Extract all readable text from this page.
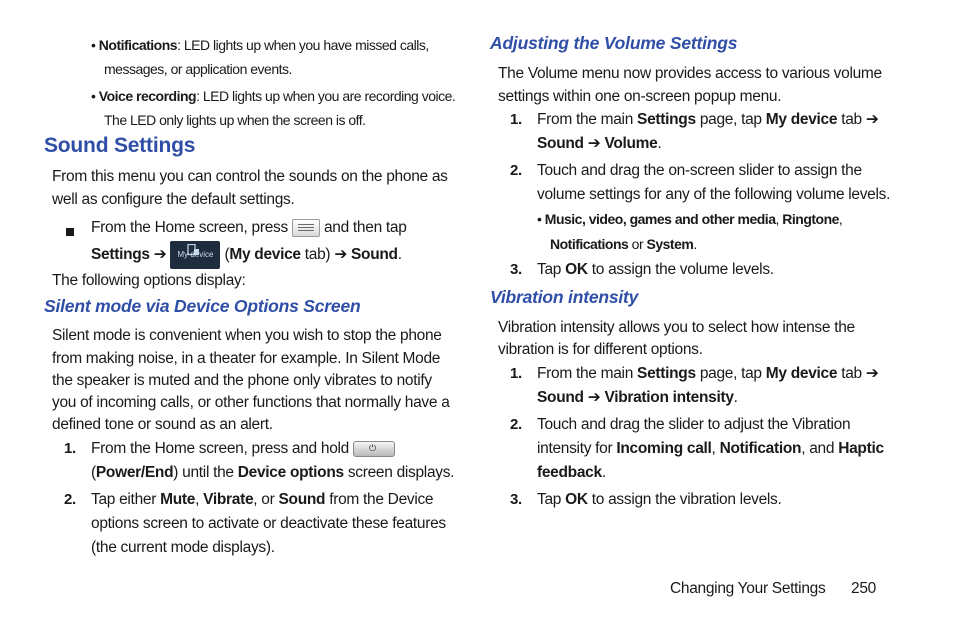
• Notifications: LED lights up when you have missed calls,
messages, or application events.
• Voice recording: LED lights up when you are recording voice.
The LED only lights up when the screen is off.
Sound Settings
From this menu you can control the sounds on the phone as
well as configure the default settings.
From the Home screen, press and then tap
Settings ➔	My device (My device tab) ➔ Sound.
The following options display:
Silent mode via Device Options Screen
Silent mode is convenient when you wish to stop the phone
from making noise, in a theater for example. In Silent Mode
the speaker is muted and the phone only vibrates to notify
you of incoming calls, or other functions that normally have a
defined tone or sound as an alert.
1. From the Home screen, press and hold ⏻
(Power/End) until the Device options screen displays.
2. Tap either Mute, Vibrate, or Sound from the Device
options screen to activate or deactivate these features
(the current mode displays).
Adjusting the Volume Settings
The Volume menu now provides access to various volume
settings within one on-screen popup menu.
1. From the main Settings page, tap My device tab ➔
Sound ➔ Volume.
2. Touch and drag the on-screen slider to assign the
volume settings for any of the following volume levels.
• Music, video, games and other media, Ringtone,
Notifications or System.
3. Tap OK to assign the volume levels.
Vibration intensity
Vibration intensity allows you to select how intense the
vibration is for different options.
1. From the main Settings page, tap My device tab ➔
Sound ➔ Vibration intensity.
2. Touch and drag the slider to adjust the Vibration
intensity for Incoming call, Notification, and Haptic
feedback.
3. Tap OK to assign the vibration levels.
Changing Your Settings 250
